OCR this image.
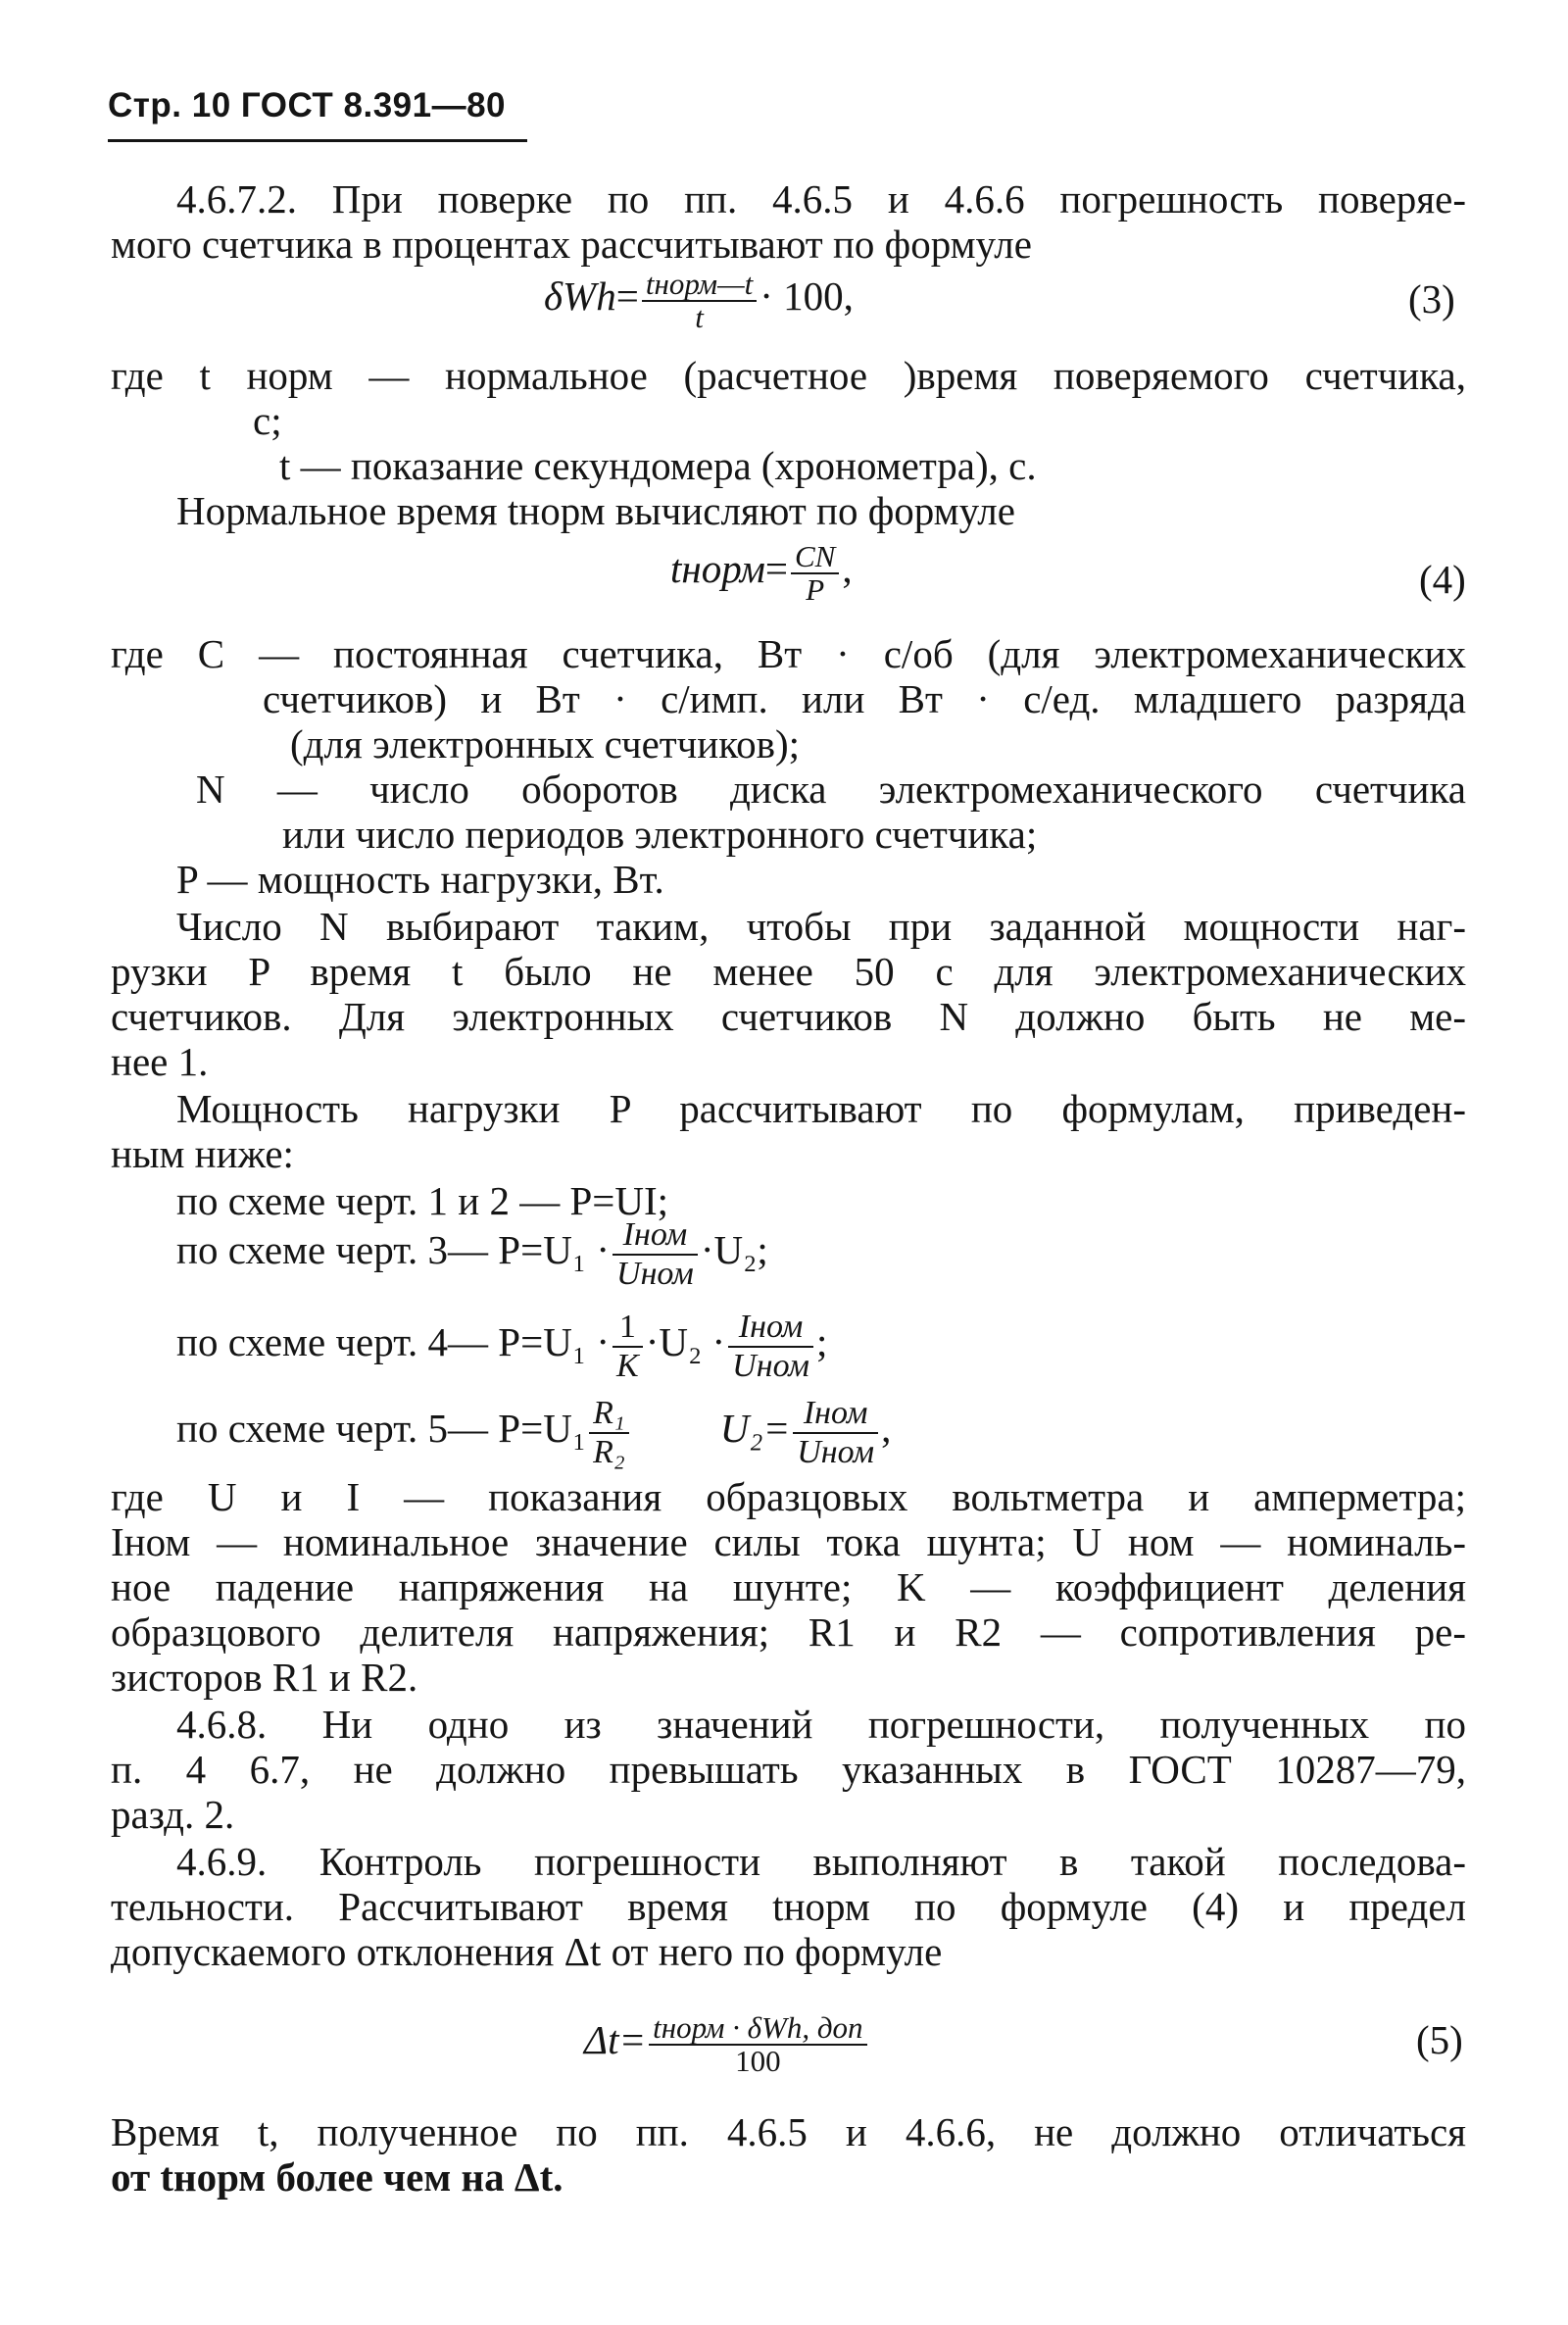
Стр. 10 ГОСТ 8.391—80
4.6.7.2. При поверке по пп. 4.6.5 и 4.6.6 погрешность поверяе-
мого счетчика в процентах рассчитывают по формуле
$\delta Wh= \frac{\text{tнорм—t}}{t} \cdot 100$,	(3)
где t норм — нормальное (расчетное )время поверяемого счетчика,
с;
t — показание секундомера (хронометра), с.
Нормальное время tнорм вычисляют по формуле
tнорм= $\frac{CN}{P}$ ,	(4)
где C — постоянная счетчика, Вт · с/об (для электромеханических
счетчиков) и Вт · с/имп. или Вт · с/ед. младшего разряда
(для электронных счетчиков);
N — число оборотов диска электромеханического счетчика
или число периодов электронного счетчика;
P — мощность нагрузки, Вт.
Число N выбирают таким, чтобы при заданной мощности наг-
рузки P время t было не менее 50 с для электромеханических
счетчиков. Для электронных счетчиков N должно быть не ме-
нее 1.
Мощность нагрузки P рассчитывают по формулам, приведен-
ным ниже:
по схеме черт. 1 и 2 — P=UI;
по схеме черт. 3— $P=U_1 \cdot \frac{\text{Iном}}{\text{Uном}} \cdot U_2$;
по схеме черт. 4— $P=U_1 \cdot \frac{1}{K} \cdot U_2 \cdot \frac{\text{Iном}}{\text{Uном}}$ ;
по схеме черт. 5— $P=U_1 \frac{\text{R₁}}{\text{R₂}} U_2= \frac{\text{Iном}}{\text{Uном}}$ ,
где U и I — показания образцовых вольтметра и амперметра;
Iном — номинальное значение силы тока шунта; U ном — номиналь-
ное падение напряжения на шунте; K — коэффициент деления
образцового делителя напряжения; R1 и R2 — сопротивления ре-
зисторов R1 и R2.
4.6.8. Ни одно из значений погрешности, полученных по
п. 4 6.7, не должно превышать указанных в ГОСТ 10287—79,
разд. 2.
4.6.9. Контроль погрешности выполняют в такой последова-
тельности. Рассчитывают время tнорм по формуле (4) и предел
допускаемого отклонения Δt от него по формуле
$\Delta t= \frac{\text{tнорм · δWh, доп}}{100}$	(5)
Время t, полученное по пп. 4.6.5 и 4.6.6, не должно отличаться
от tнорм более чем на Δt.
